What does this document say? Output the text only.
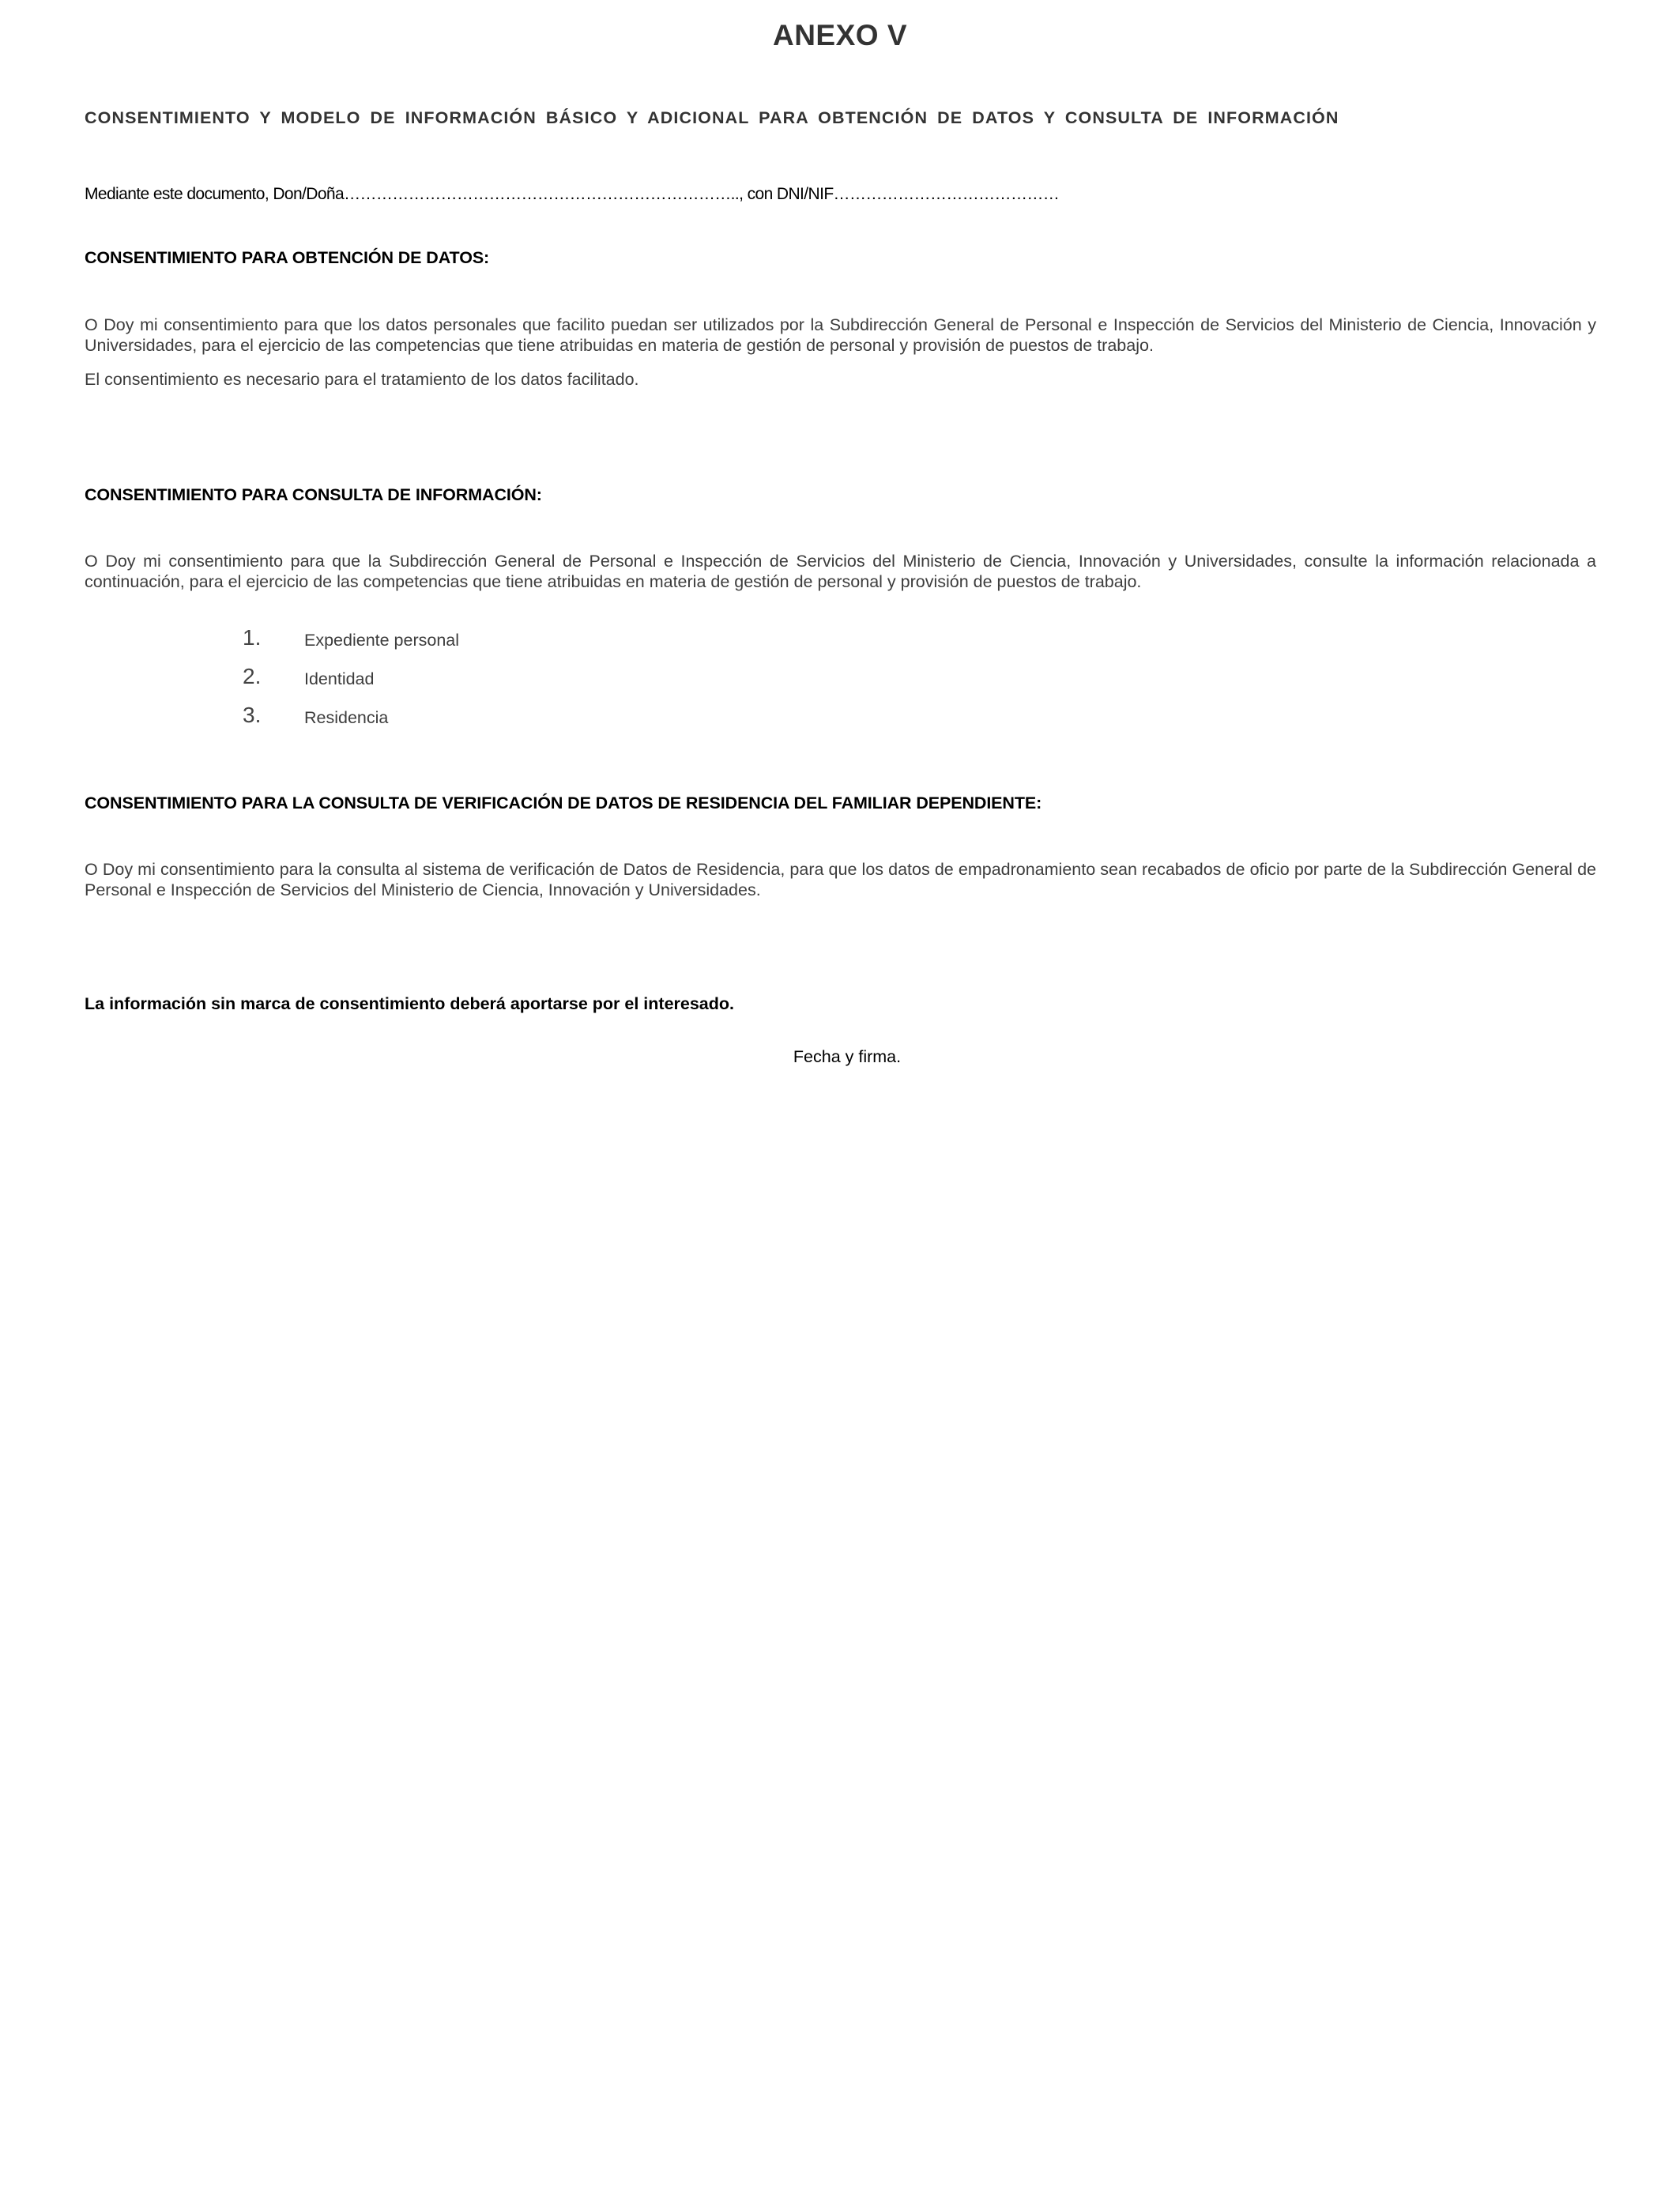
ANEXO V
CONSENTIMIENTO Y MODELO DE INFORMACIÓN BÁSICO Y ADICIONAL PARA OBTENCIÓN DE DATOS Y CONSULTA DE INFORMACIÓN
Mediante este documento, Don/Doña……………………………………………………………….., con DNI/NIF……………………………………
CONSENTIMIENTO PARA OBTENCIÓN DE DATOS:
O Doy mi consentimiento para que los datos personales que facilito puedan ser utilizados por la Subdirección General de Personal e Inspección de Servicios del Ministerio de Ciencia, Innovación y Universidades, para el ejercicio de las competencias que tiene atribuidas en materia de gestión de personal y provisión de puestos de trabajo.
El consentimiento es necesario para el tratamiento de los datos facilitado.
CONSENTIMIENTO PARA CONSULTA DE INFORMACIÓN:
O Doy mi consentimiento para que la Subdirección General de Personal e Inspección de Servicios del Ministerio de Ciencia, Innovación y Universidades, consulte la información relacionada a continuación, para el ejercicio de las competencias que tiene atribuidas en materia de gestión de personal y provisión de puestos de trabajo.
1.	Expediente personal
2.	Identidad
3.	Residencia
CONSENTIMIENTO PARA LA CONSULTA DE VERIFICACIÓN DE DATOS DE RESIDENCIA DEL FAMILIAR DEPENDIENTE:
O Doy mi consentimiento para la consulta al sistema de verificación de Datos de Residencia, para que los datos de empadronamiento sean recabados de oficio por parte de la Subdirección General de Personal e Inspección de Servicios del Ministerio de Ciencia, Innovación y Universidades.
La información sin marca de consentimiento deberá aportarse por el interesado.
Fecha y firma.
